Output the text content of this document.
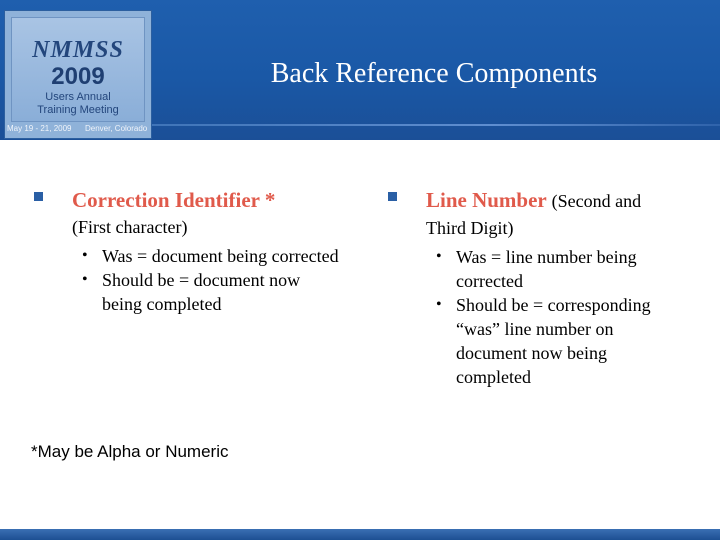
NMMSS
2009
Users Annual
Training Meeting
May 19 - 21, 2009	Denver, Colorado
Back Reference Components
Correction Identifier *
(First character)
• Was = document being corrected
• Should be = document now being completed
Line Number (Second and
Third Digit)
• Was = line number being corrected
• Should be = corresponding “was” line number on document now being completed
*May be Alpha or Numeric
